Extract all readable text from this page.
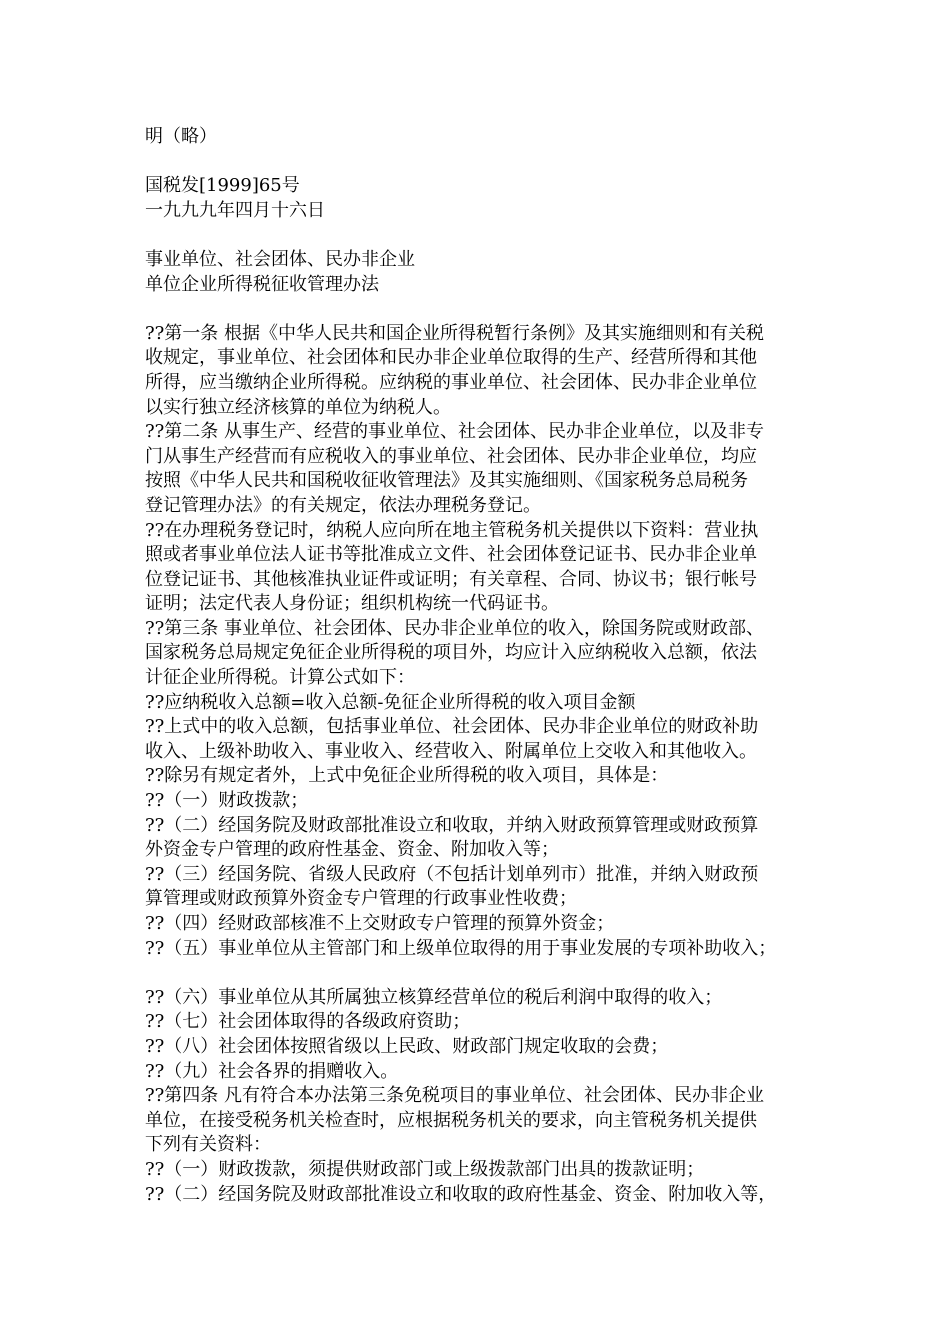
明（略）
国税发[1999]65号
一九九九年四月十六日
事业单位、社会团体、民办非企业
单位企业所得税征收管理办法
??第一条 根据《中华人民共和国企业所得税暂行条例》及其实施细则和有关税
收规定，事业单位、社会团体和民办非企业单位取得的生产、经营所得和其他
所得，应当缴纳企业所得税。应纳税的事业单位、社会团体、民办非企业单位
以实行独立经济核算的单位为纳税人。
??第二条 从事生产、经营的事业单位、社会团体、民办非企业单位，以及非专
门从事生产经营而有应税收入的事业单位、社会团体、民办非企业单位，均应
按照《中华人民共和国税收征收管理法》及其实施细则、《国家税务总局税务
登记管理办法》的有关规定，依法办理税务登记。
??在办理税务登记时，纳税人应向所在地主管税务机关提供以下资料：营业执
照或者事业单位法人证书等批准成立文件、社会团体登记证书、民办非企业单
位登记证书、其他核准执业证件或证明；有关章程、合同、协议书；银行帐号
证明；法定代表人身份证；组织机构统一代码证书。
??第三条 事业单位、社会团体、民办非企业单位的收入，除国务院或财政部、
国家税务总局规定免征企业所得税的项目外，均应计入应纳税收入总额，依法
计征企业所得税。计算公式如下：
??应纳税收入总额=收入总额-免征企业所得税的收入项目金额
??上式中的收入总额，包括事业单位、社会团体、民办非企业单位的财政补助
收入、上级补助收入、事业收入、经营收入、附属单位上交收入和其他收入。
??除另有规定者外，上式中免征企业所得税的收入项目，具体是：
??（一）财政拨款；
??（二）经国务院及财政部批准设立和收取，并纳入财政预算管理或财政预算
外资金专户管理的政府性基金、资金、附加收入等；
??（三）经国务院、省级人民政府（不包括计划单列市）批准，并纳入财政预
算管理或财政预算外资金专户管理的行政事业性收费；
??（四）经财政部核准不上交财政专户管理的预算外资金；
??（五）事业单位从主管部门和上级单位取得的用于事业发展的专项补助收入；
??（六）事业单位从其所属独立核算经营单位的税后利润中取得的收入；
??（七）社会团体取得的各级政府资助；
??（八）社会团体按照省级以上民政、财政部门规定收取的会费；
??（九）社会各界的捐赠收入。
??第四条 凡有符合本办法第三条免税项目的事业单位、社会团体、民办非企业
单位，在接受税务机关检查时，应根据税务机关的要求，向主管税务机关提供
下列有关资料：
??（一）财政拨款，须提供财政部门或上级拨款部门出具的拨款证明；
??（二）经国务院及财政部批准设立和收取的政府性基金、资金、附加收入等，
